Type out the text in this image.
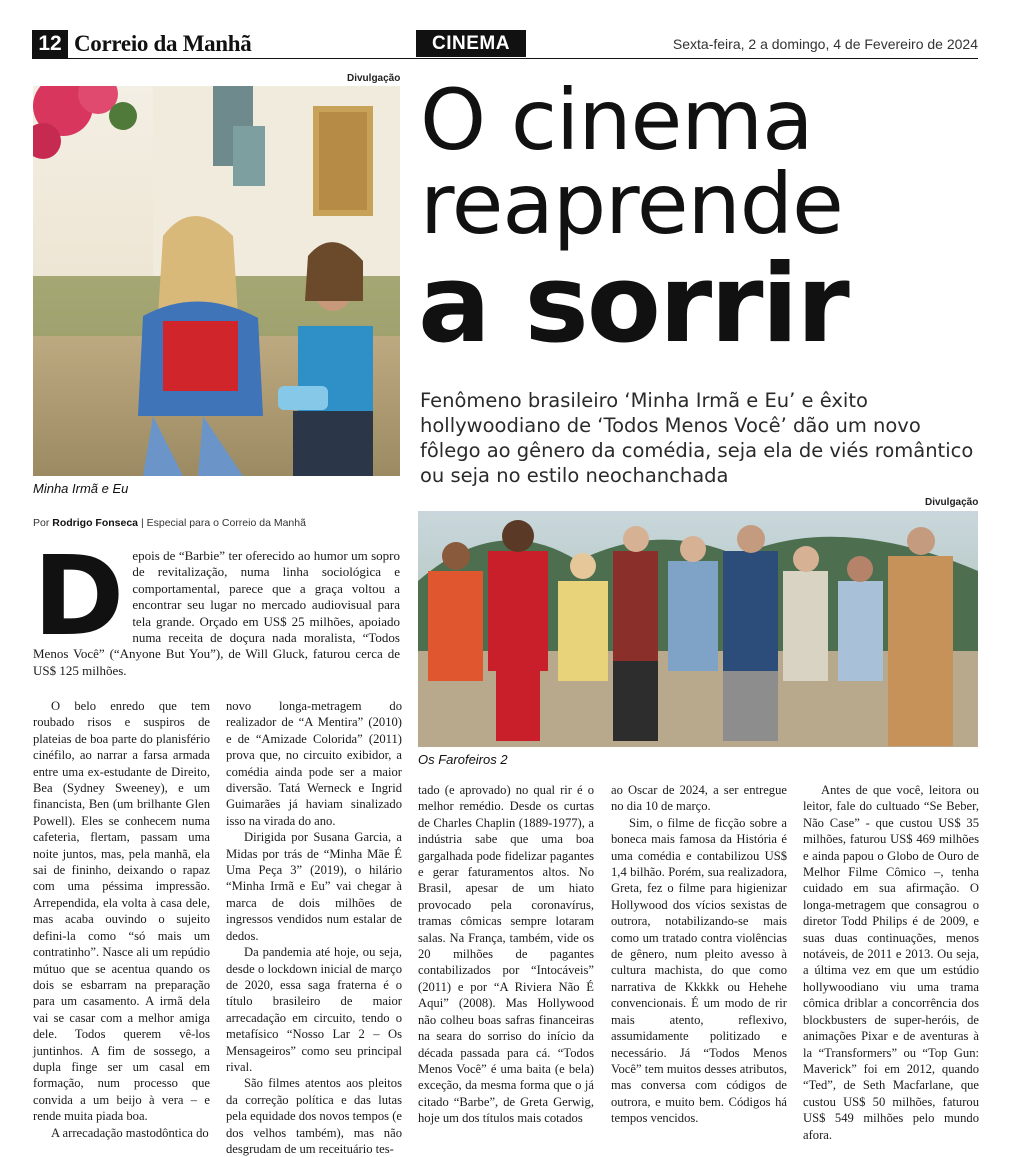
12 Correio da Manhã	CINEMA	Sexta-feira, 2 a domingo, 4 de Fevereiro de 2024
Divulgação
Minha Irmã e Eu
O cinema
reaprende
a sorrir
Fenômeno brasileiro ‘Minha Irmã e Eu’ e êxito hollywoodiano de ‘Todos Menos Você’ dão um novo fôlego ao gênero da comédia, seja ela de viés romântico ou seja no estilo neochanchada
Divulgação
Os Farofeiros 2
Por Rodrigo Fonseca | Especial para o Correio da Manhã
D epois de “Barbie” ter oferecido ao humor um sopro de revitalização, numa linha sociológica e comportamental, parece que a graça voltou a encontrar seu lugar no mercado audiovisual para tela grande. Orçado em US$ 25 milhões, apoiado numa receita de doçura nada moralista, “Todos Menos Você” (“Anyone But You”), de Will Gluck, faturou cerca de US$ 125 milhões.

O belo enredo que tem roubado risos e suspiros de plateias de boa parte do planisfério cinéfilo, ao narrar a farsa armada entre uma ex-estudante de Direito, Bea (Sydney Sweeney), e um financista, Ben (um brilhante Glen Powell). Eles se conhecem numa cafeteria, flertam, passam uma noite juntos, mas, pela manhã, ela sai de fininho, deixando o rapaz com uma péssima impressão. Arrependida, ela volta à casa dele, mas acaba ouvindo o sujeito defini-la como “só mais um contratinho”. Nasce ali um repúdio mútuo que se acentua quando os dois se esbarram na preparação para um casamento. A irmã dela vai se casar com a melhor amiga dele. Todos querem vê-los juntinhos. A fim de sossego, a dupla finge ser um casal em formação, num processo que convida a um beijo à vera – e rende muita piada boa.

A arrecadação mastodôntica do

novo longa-metragem do realizador de “A Mentira” (2010) e de “Amizade Colorida” (2011) prova que, no circuito exibidor, a comédia ainda pode ser a maior diversão. Tatá Werneck e Ingrid Guimarães já haviam sinalizado isso na virada do ano.

Dirigida por Susana Garcia, a Midas por trás de “Minha Mãe É Uma Peça 3” (2019), o hilário “Minha Irmã e Eu” vai chegar à marca de dois milhões de ingressos vendidos num estalar de dedos.

Da pandemia até hoje, ou seja, desde o lockdown inicial de março de 2020, essa saga fraterna é o título brasileiro de maior arrecadação em circuito, tendo o metafísico “Nosso Lar 2 – Os Mensageiros” como seu principal rival.

São filmes atentos aos pleitos da correção política e das lutas pela equidade dos novos tempos (e dos velhos também), mas não desgrudam de um receituário tes-

tado (e aprovado) no qual rir é o melhor remédio. Desde os curtas de Charles Chaplin (1889-1977), a indústria sabe que uma boa gargalhada pode fidelizar pagantes e gerar faturamentos altos. No Brasil, apesar de um hiato provocado pela coronavírus, tramas cômicas sempre lotaram salas. Na França, também, vide os 20 milhões de pagantes contabilizados por “Intocáveis” (2011) e por “A Riviera Não É Aqui” (2008). Mas Hollywood não colheu boas safras financeiras na seara do sorriso do início da década passada para cá. “Todos Menos Você” é uma baita (e bela) exceção, da mesma forma que o já citado “Barbe”, de Greta Gerwig, hoje um dos títulos mais cotados

ao Oscar de 2024, a ser entregue no dia 10 de março.

Sim, o filme de ficção sobre a boneca mais famosa da História é uma comédia e contabilizou US$ 1,4 bilhão. Porém, sua realizadora, Greta, fez o filme para higienizar Hollywood dos vícios sexistas de outrora, notabilizando-se mais como um tratado contra violências de gênero, num pleito avesso à cultura machista, do que como narrativa de Kkkkk ou Hehehe convencionais. É um modo de rir mais atento, reflexivo, assumidamente politizado e necessário. Já “Todos Menos Você” tem muitos desses atributos, mas conversa com códigos de outrora, e muito bem. Códigos há tempos vencidos.

Antes de que você, leitora ou leitor, fale do cultuado “Se Beber, Não Case” - que custou US$ 35 milhões, faturou US$ 469 milhões e ainda papou o Globo de Ouro de Melhor Filme Cômico –, tenha cuidado em sua afirmação. O longa-metragem que consagrou o diretor Todd Philips é de 2009, e suas duas continuações, menos notáveis, de 2011 e 2013. Ou seja, a última vez em que um estúdio hollywoodiano viu uma trama cômica driblar a concorrência dos blockbusters de super-heróis, de animações Pixar e de aventuras à la “Transformers” ou “Top Gun: Maverick” foi em 2012, quando “Ted”, de Seth Macfarlane, que custou US$ 50 milhões, faturou US$ 549 milhões pelo mundo afora.
